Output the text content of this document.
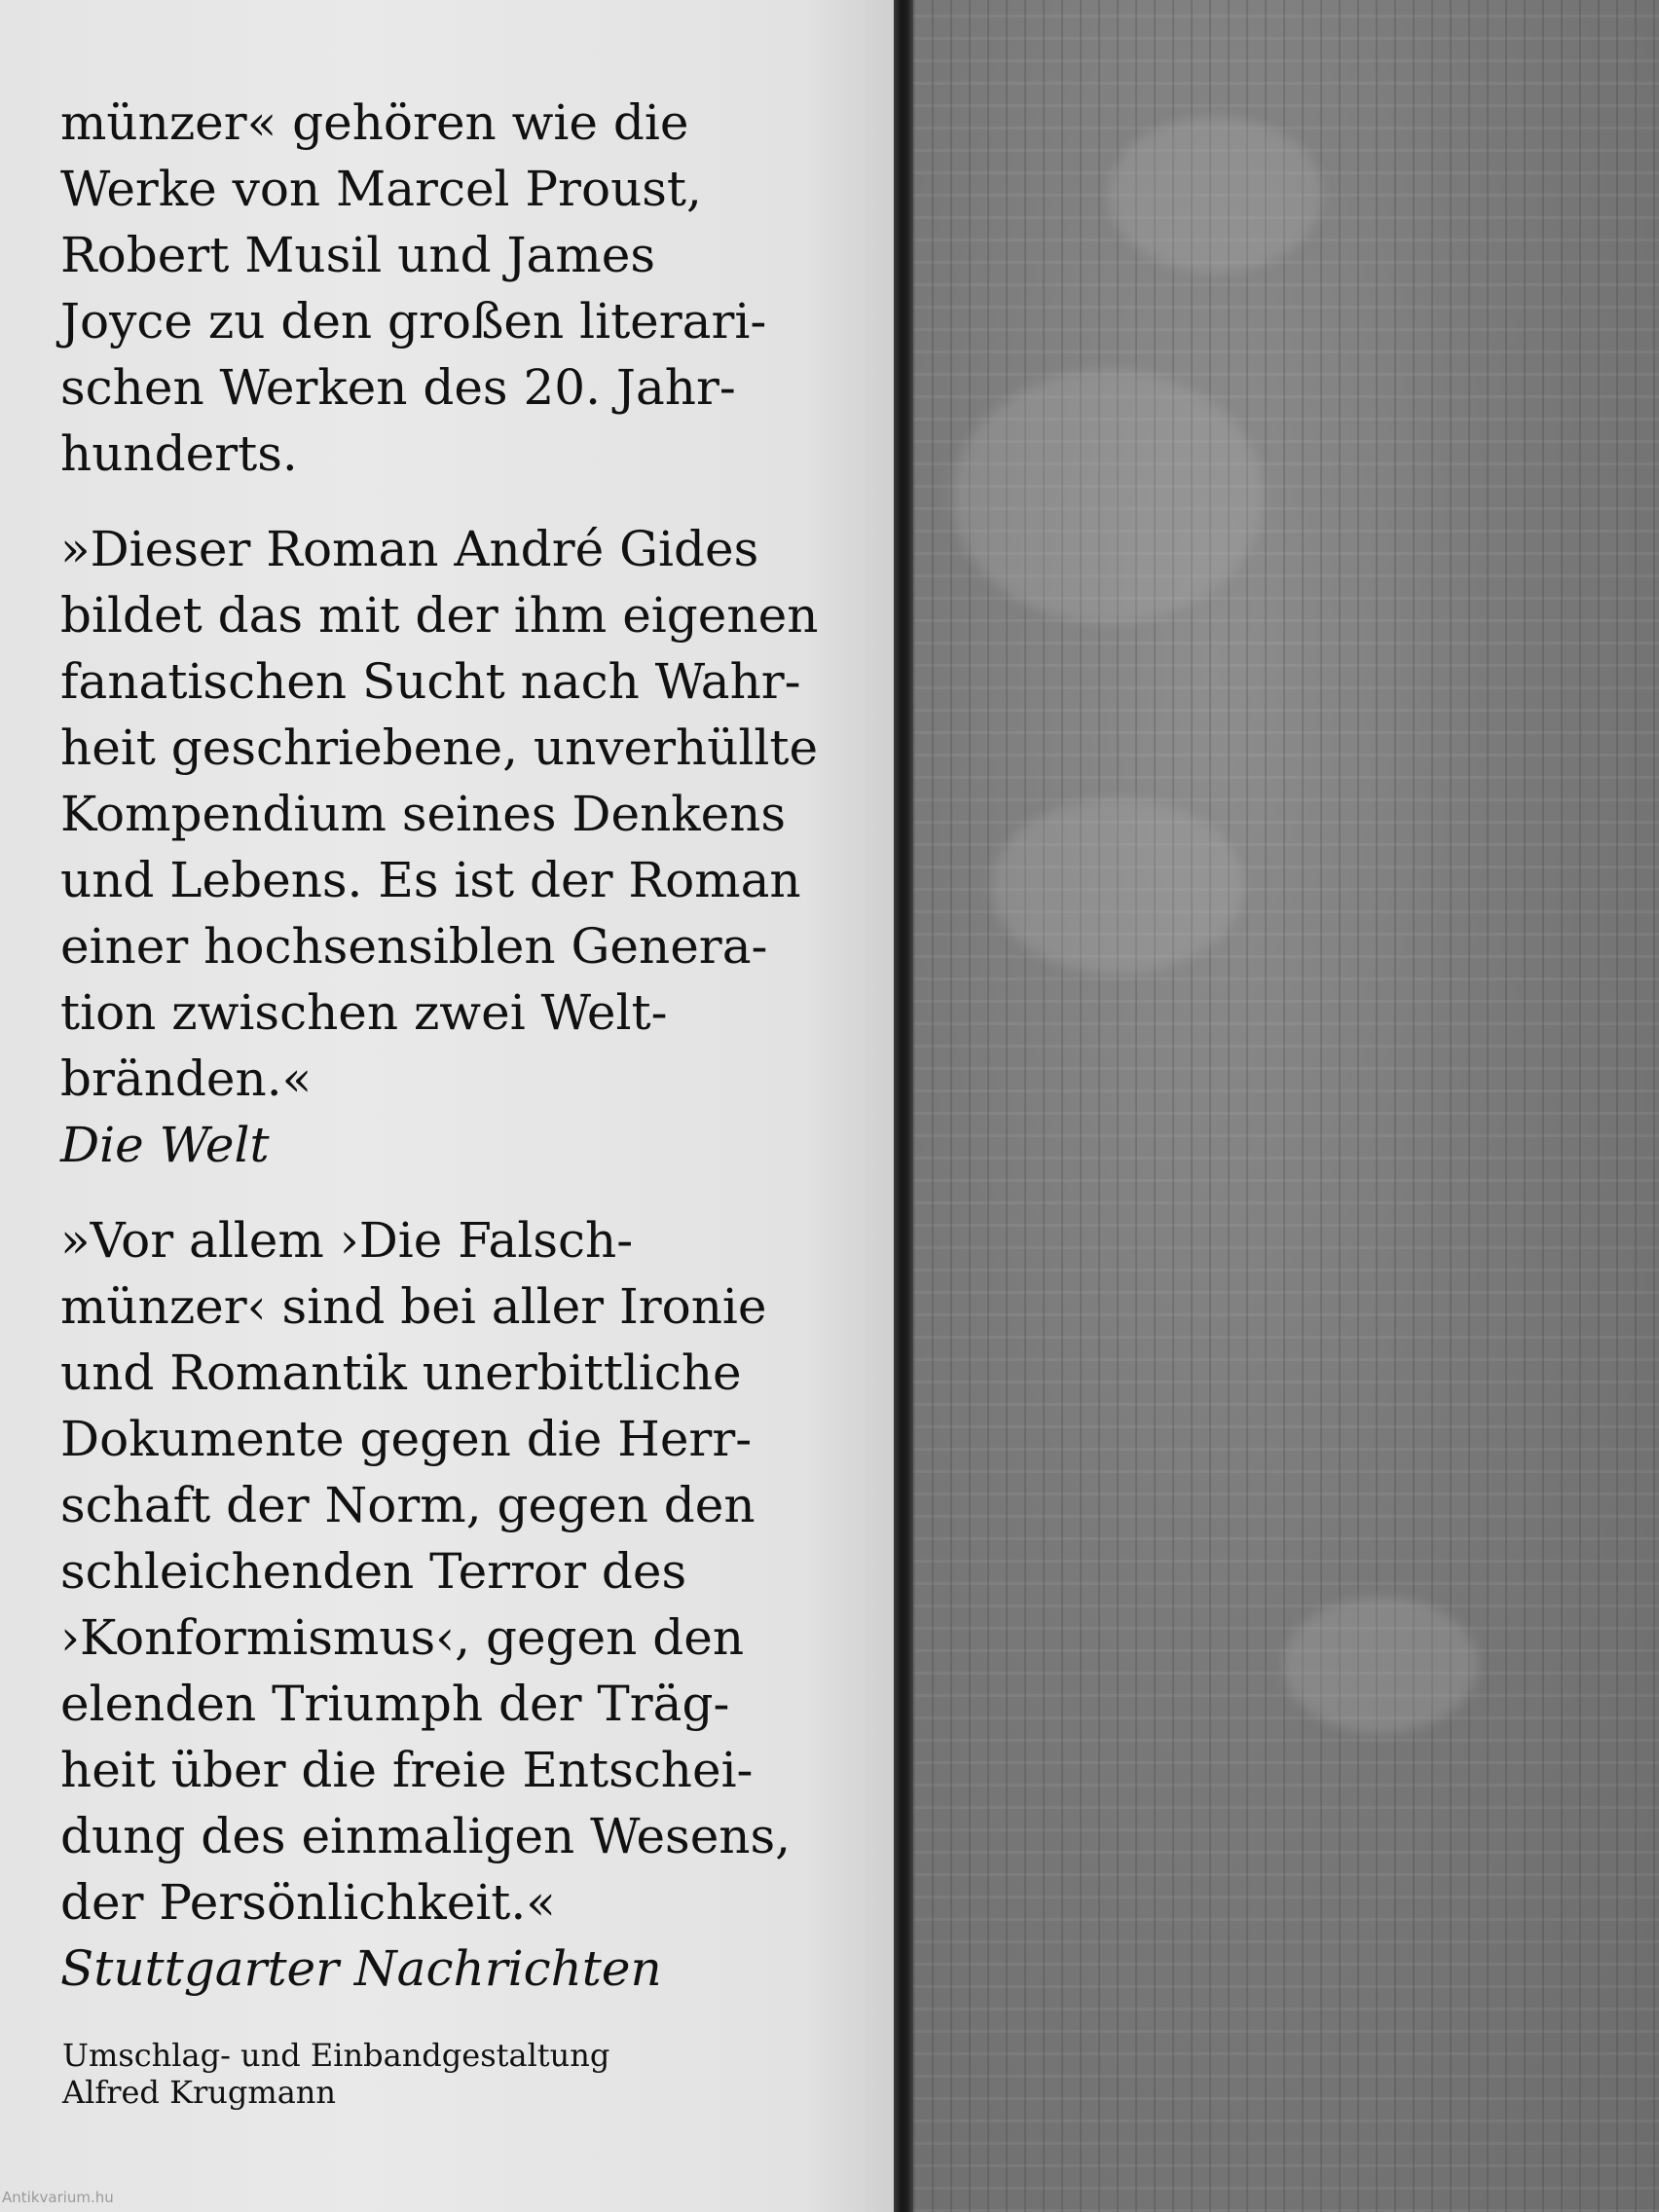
münzer« gehören wie die
Werke von Marcel Proust,
Robert Musil und James
Joyce zu den großen literari-
schen Werken des 20. Jahr-
hunderts.

»Dieser Roman André Gides
bildet das mit der ihm eigenen
fanatischen Sucht nach Wahr-
heit geschriebene, unverhüllte
Kompendium seines Denkens
und Lebens. Es ist der Roman
einer hochsensiblen Genera-
tion zwischen zwei Welt-
bränden.«
Die Welt

»Vor allem ›Die Falsch-
münzer‹ sind bei aller Ironie
und Romantik unerbittliche
Dokumente gegen die Herr-
schaft der Norm, gegen den
schleichenden Terror des
›Konformismus‹, gegen den
elenden Triumph der Träg-
heit über die freie Entschei-
dung des einmaligen Wesens,
der Persönlichkeit.«
Stuttgarter Nachrichten

Umschlag- und Einbandgestaltung
Alfred Krugmann
Antikvarium.hu
